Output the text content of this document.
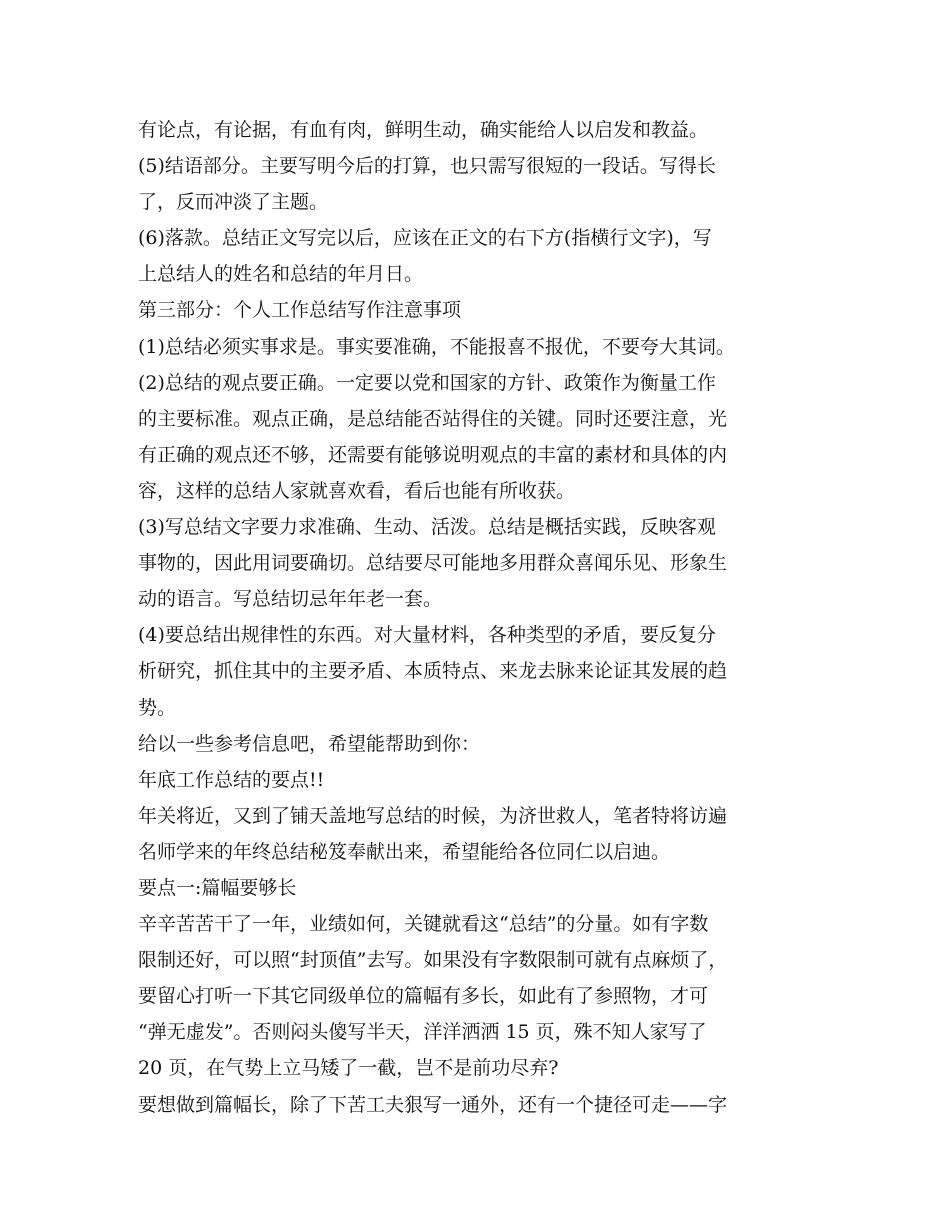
有论点，有论据，有血有肉，鲜明生动，确实能给人以启发和教益。

(5)结语部分。主要写明今后的打算，也只需写很短的一段话。写得长

了，反而冲淡了主题。

(6)落款。总结正文写完以后，应该在正文的右下方(指横行文字)，写

上总结人的姓名和总结的年月日。

第三部分：个人工作总结写作注意事项

(1)总结必须实事求是。事实要准确，不能报喜不报优，不要夸大其词。

(2)总结的观点要正确。一定要以党和国家的方针、政策作为衡量工作

的主要标准。观点正确，是总结能否站得住的关键。同时还要注意，光

有正确的观点还不够，还需要有能够说明观点的丰富的素材和具体的内

容，这样的总结人家就喜欢看，看后也能有所收获。

(3)写总结文字要力求准确、生动、活泼。总结是概括实践，反映客观

事物的，因此用词要确切。总结要尽可能地多用群众喜闻乐见、形象生

动的语言。写总结切忌年年老一套。

(4)要总结出规律性的东西。对大量材料，各种类型的矛盾，要反复分

析研究，抓住其中的主要矛盾、本质特点、来龙去脉来论证其发展的趋

势。

给以一些参考信息吧，希望能帮助到你：

年底工作总结的要点!!

年关将近，又到了铺天盖地写总结的时候，为济世救人，笔者特将访遍

名师学来的年终总结秘笈奉献出来，希望能给各位同仁以启迪。

要点一:篇幅要够长

辛辛苦苦干了一年，业绩如何，关键就看这“总结”的分量。如有字数

限制还好，可以照“封顶值”去写。如果没有字数限制可就有点麻烦了，

要留心打听一下其它同级单位的篇幅有多长，如此有了参照物，才可

“弹无虚发”。否则闷头傻写半天，洋洋洒洒 15 页，殊不知人家写了

20 页，在气势上立马矮了一截，岂不是前功尽弃?

要想做到篇幅长，除了下苦工夫狠写一通外，还有一个捷径可走——字
